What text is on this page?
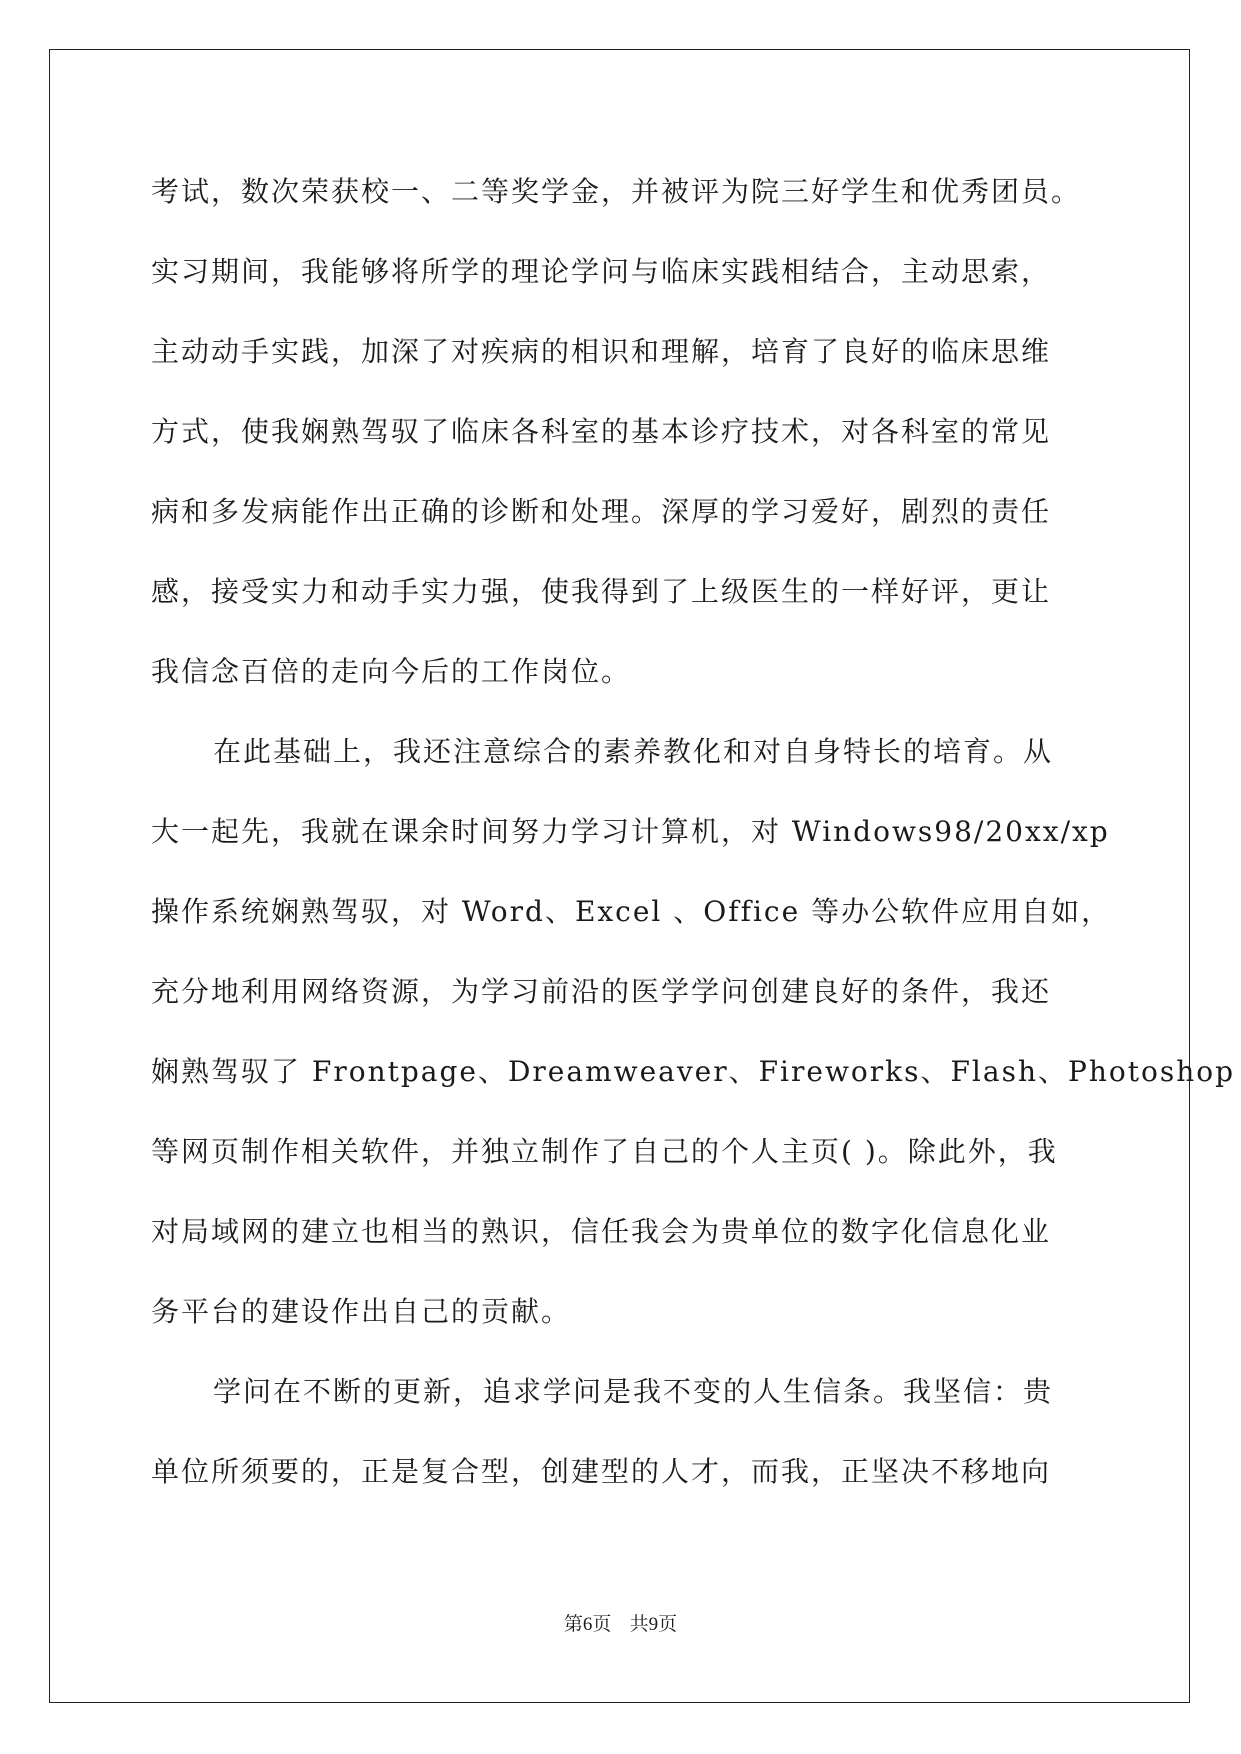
考试，数次荣获校一、二等奖学金，并被评为院三好学生和优秀团员。
实习期间，我能够将所学的理论学问与临床实践相结合，主动思索，
主动动手实践，加深了对疾病的相识和理解，培育了良好的临床思维
方式，使我娴熟驾驭了临床各科室的基本诊疗技术，对各科室的常见
病和多发病能作出正确的诊断和处理。深厚的学习爱好，剧烈的责任
感，接受实力和动手实力强，使我得到了上级医生的一样好评，更让
我信念百倍的走向今后的工作岗位。
在此基础上，我还注意综合的素养教化和对自身特长的培育。从
大一起先，我就在课余时间努力学习计算机，对 Windows98/20xx/xp
操作系统娴熟驾驭，对 Word、Excel 、Office 等办公软件应用自如，
充分地利用网络资源，为学习前沿的医学学问创建良好的条件，我还
娴熟驾驭了 Frontpage、Dreamweaver、Fireworks、Flash、Photoshop
等网页制作相关软件，并独立制作了自己的个人主页( )。除此外，我
对局域网的建立也相当的熟识，信任我会为贵单位的数字化信息化业
务平台的建设作出自己的贡献。
学问在不断的更新，追求学问是我不变的人生信条。我坚信：贵
单位所须要的，正是复合型，创建型的人才，而我，正坚决不移地向
第6页 共9页
